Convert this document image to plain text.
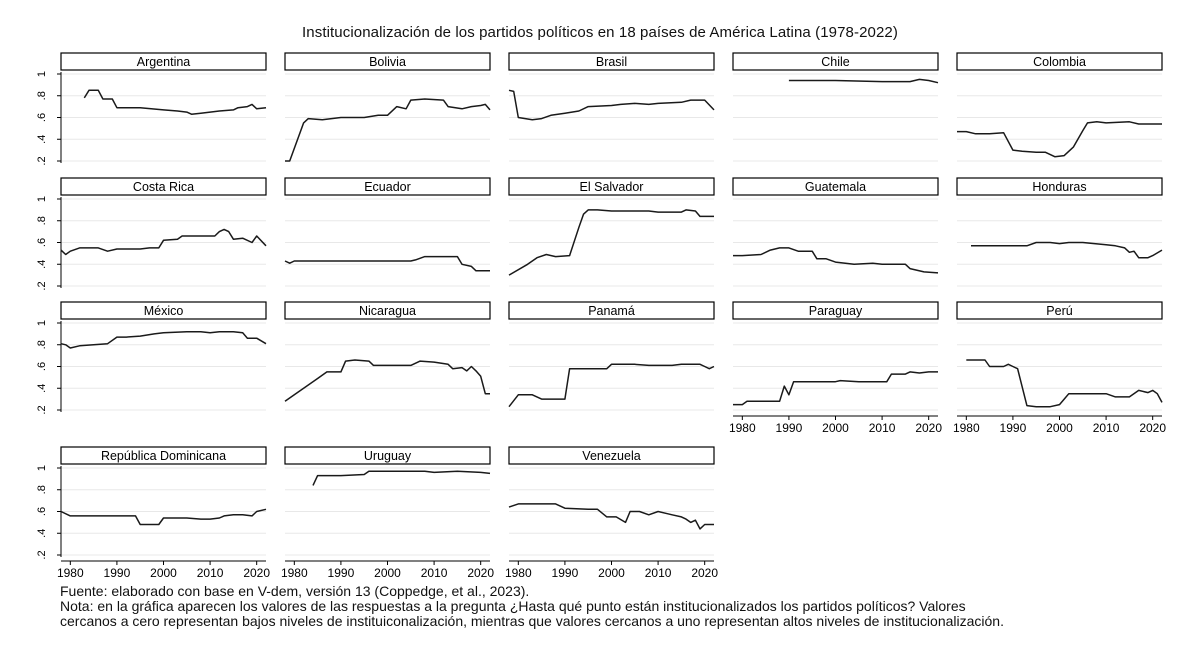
Institucionalización de los partidos políticos en 18 países de América Latina (1978-2022)
Argentina
.2
.4
.6
.8
1
Bolivia	Brasil	Chile	Colombia
Costa Rica
.2
.4
.6
.8
1
Ecuador	El Salvador	Guatemala	Honduras
México
.2
.4
.6
.8
1
Nicaragua	Panamá	Paraguay
1980 1990 2000 2010 2020
Perú
1980 1990 2000 2010 2020
República Dominicana
.2
.4
.6
.8
1
1980 1990 2000 2010 2020
Uruguay
1980 1990 2000 2010 2020
Venezuela
1980 1990 2000 2010 2020
Fuente: elaborado con base en V-dem, versión 13 (Coppedge, et al., 2023).
Nota: en la gráfica aparecen los valores de las respuestas a la pregunta ¿Hasta qué punto están institucionalizados los partidos políticos? Valores
cercanos a cero representan bajos niveles de instituiconalización, mientras que valores cercanos a uno representan altos niveles de institucionalización.
